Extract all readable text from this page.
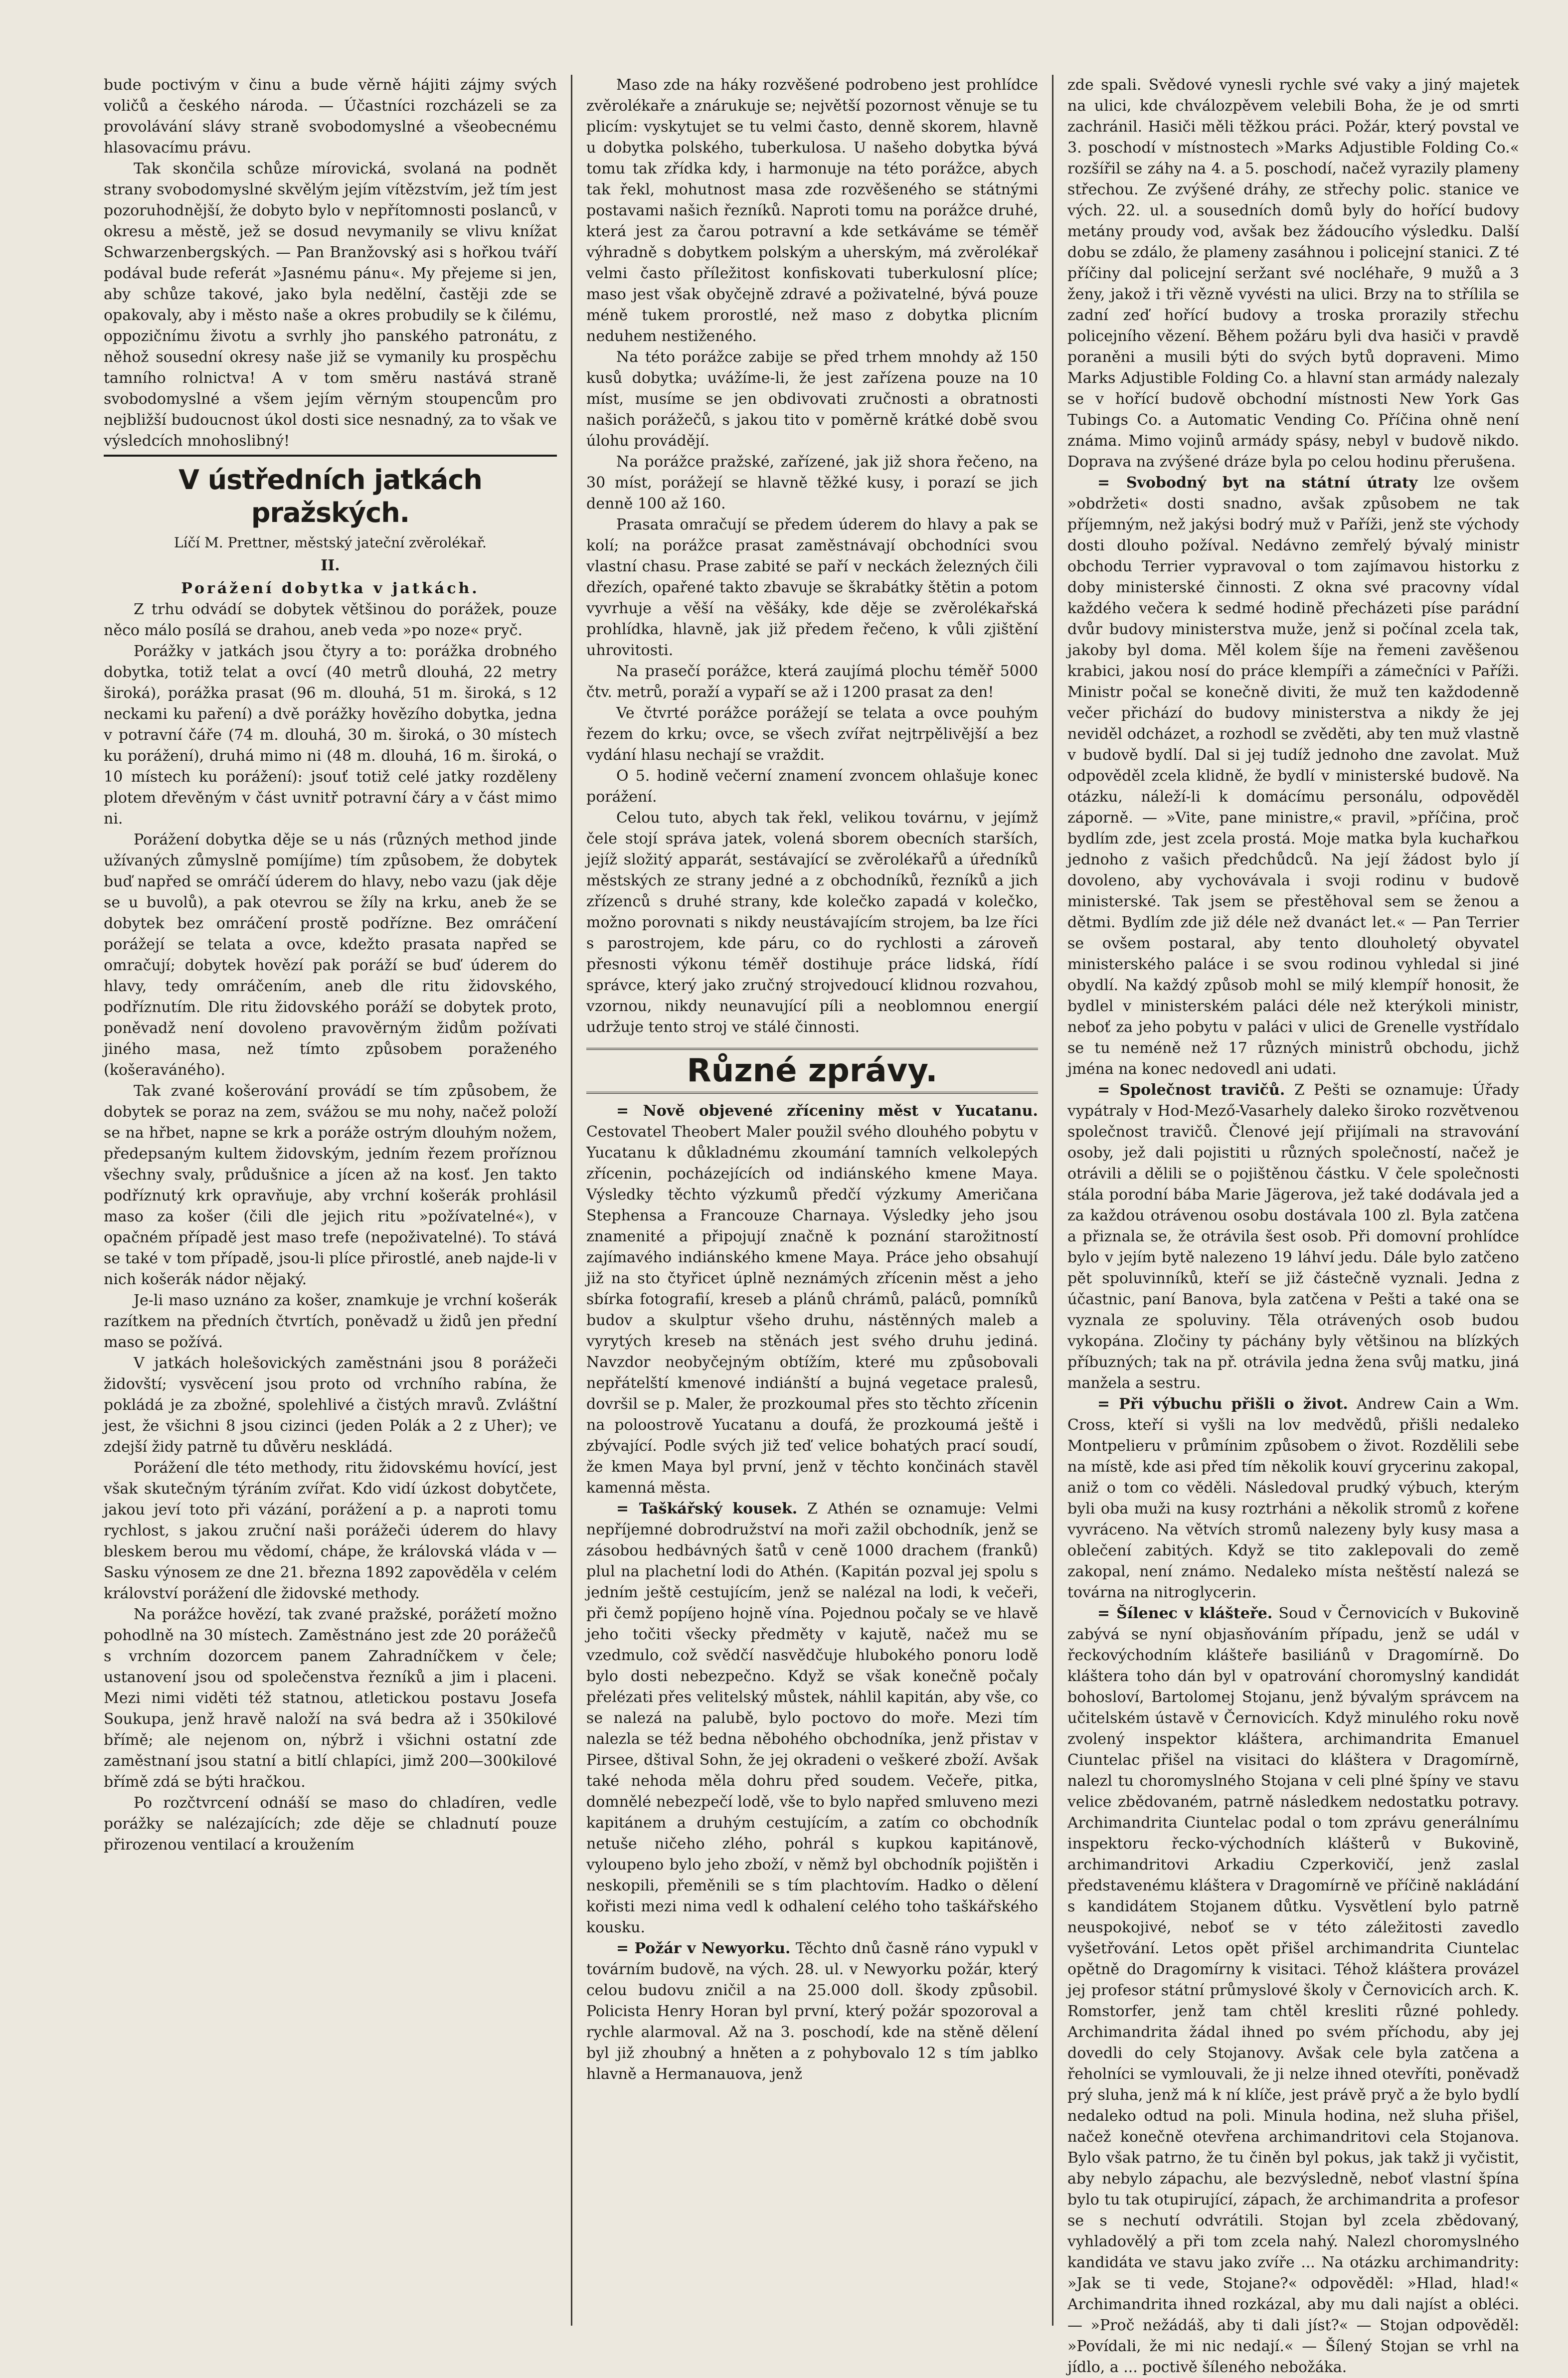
bude poctivým v činu a bude věrně hájiti zájmy svých voličů a českého národa. — Účastníci rozcházeli se za provolávání slávy straně svobodomyslné a všeobecnému hlasovacímu právu.

Tak skončila schůze mírovická, svolaná na podnět strany svobodomyslné skvělým jejím vítězstvím, jež tím jest pozoruhodnější, že dobyto bylo v nepřítomnosti poslanců, v okresu a městě, jež se dosud nevymanily se vlivu knížat Schwarzenbergských. — Pan Branžovský asi s hořkou tváří podával bude referát »Jasnému pánu«. My přejeme si jen, aby schůze takové, jako byla nedělní, častěji zde se opakovaly, aby i město naše a okres probudily se k čilému, oppozičnímu životu a svrhly jho panského patronátu, z něhož sousední okresy naše již se vymanily ku prospěchu tamního rolnictva! A v tom směru nastává straně svobodomyslné a všem jejím věrným stoupencům pro nejbližší budoucnost úkol dosti sice nesnadný, za to však ve výsledcích mnohoslibný!

V ústředních jatkách pražských.
Líčí M. Prettner, městský jateční zvěrolékař.
II.
Porážení dobytka v jatkách.

Z trhu odvádí se dobytek většinou do porážek, pouze něco málo posílá se drahou, aneb veda »po noze« pryč.

Porážky v jatkách jsou čtyry a to: porážka drobného dobytka, totiž telat a ovcí (40 metrů dlouhá, 22 metry široká), porážka prasat (96 m. dlouhá, 51 m. široká, s 12 neckami ku paření) a dvě porážky hovězího dobytka, jedna v potravní čáře (74 m. dlouhá, 30 m. široká, o 30 místech ku porážení), druhá mimo ni (48 m. dlouhá, 16 m. široká, o 10 místech ku porážení): jsouť totiž celé jatky rozděleny plotem dřevěným v část uvnitř potravní čáry a v část mimo ni.

Porážení dobytka děje se u nás (různých method jinde užívaných zůmyslně pomíjíme) tím způsobem, že dobytek buď napřed se omráčí úderem do hlavy, nebo vazu (jak děje se u buvolů), a pak otevrou se žíly na krku, aneb že se dobytek bez omráčení prostě podřízne. Bez omráčení porážejí se telata a ovce, kdežto prasata napřed se omračují; dobytek hovězí pak poráží se buď úderem do hlavy, tedy omráčením, aneb dle ritu židovského, podříznutím. Dle ritu židovského poráží se dobytek proto, poněvadž není dovoleno pravověrným židům požívati jiného masa, než tímto způsobem poraženého (košeraváného).

Tak zvané košerování provádí se tím způsobem, že dobytek se poraz na zem, svážou se mu nohy, načež položí se na hřbet, napne se krk a poráže ostrým dlouhým nožem, předepsaným kultem židovským, jedním řezem proříznou všechny svaly, průdušnice a jícen až na kosť. Jen takto podříznutý krk opravňuje, aby vrchní košerák prohlásil maso za košer (čili dle jejich ritu »požívatelné«), v opačném případě jest maso trefe (nepoživatelné). To stává se také v tom případě, jsou-li plíce přirostlé, aneb najde-li v nich košerák nádor nějaký.

Je-li maso uznáno za košer, znamkuje je vrchní košerák razítkem na předních čtvrtích, poněvadž u židů jen přední maso se požívá.

V jatkách holešovických zaměstnáni jsou 8 porážeči židovští; vysvěcení jsou proto od vrchního rabína, že pokládá je za zbožné, spolehlivé a čistých mravů. Zvláštní jest, že všichni 8 jsou cizinci (jeden Polák a 2 z Uher); ve zdejší židy patrně tu důvěru neskládá.

Porážení dle této methody, ritu židovskému hovící, jest však skutečným týráním zvířat. Kdo vidí úzkost dobytčete, jakou jeví toto při vázání, porážení a p. a naproti tomu rychlost, s jakou zruční naši porážeči úderem do hlavy bleskem berou mu vědomí, chápe, že královská vláda v — Sasku výnosem ze dne 21. března 1892 zapověděla v celém království porážení dle židovské methody.

Na porážce hovězí, tak zvané pražské, porážetí možno pohodlně na 30 místech. Zaměstnáno jest zde 20 porážečů s vrchním dozorcem panem Zahradníčkem v čele; ustanovení jsou od společenstva řezníků a jim i placeni. Mezi nimi viděti též statnou, atletickou postavu Josefa Soukupa, jenž hravě naloží na svá bedra až i 350kilové břímě; ale nejenom on, nýbrž i všichni ostatní zde zaměstnaní jsou statní a bitlí chlapíci, jimž 200—300kilové břímě zdá se býti hračkou.

Po rozčtvrcení odnáší se maso do chladíren, vedle porážky se nalézajících; zde děje se chladnutí pouze přirozenou ventilací a kroužením

Maso zde na háky rozvěšené podrobeno jest prohlídce zvěrolékaře a znárukuje se; největší pozornost věnuje se tu plicím: vyskytujet se tu velmi často, denně skorem, hlavně u dobytka polského, tuberkulosa. U našeho dobytka bývá tomu tak zřídka kdy, i harmonuje na této porážce, abych tak řekl, mohutnost masa zde rozvěšeného se státnými postavami našich řezníků. Naproti tomu na porážce druhé, která jest za čarou potravní a kde setkáváme se téměř výhradně s dobytkem polským a uherským, má zvěrolékař velmi často příležitost konfiskovati tuberkulosní plíce; maso jest však obyčejně zdravé a poživatelné, bývá pouze méně tukem prorostlé, než maso z dobytka plicním neduhem nestiženého.

Na této porážce zabije se před trhem mnohdy až 150 kusů dobytka; uvážíme-li, že jest zařízena pouze na 10 míst, musíme se jen obdivovati zručnosti a obratnosti našich porážečů, s jakou tito v poměrně krátké době svou úlohu provádějí.

Na porážce pražské, zařízené, jak již shora řečeno, na 30 míst, porážejí se hlavně těžké kusy, i porazí se jich denně 100 až 160.

Prasata omračují se předem úderem do hlavy a pak se kolí; na porážce prasat zaměstnávají obchodníci svou vlastní chasu. Prase zabité se paří v neckách železných čili dřezích, opařené takto zbavuje se škrabátky štětin a potom vyvrhuje a věší na věšáky, kde děje se zvěrolékařská prohlídka, hlavně, jak již předem řečeno, k vůli zjištění uhrovitosti.

Na prasečí porážce, která zaujímá plochu téměř 5000 čtv. metrů, poraží a vypaří se až i 1200 prasat za den!

Ve čtvrté porážce porážejí se telata a ovce pouhým řezem do krku; ovce, se všech zvířat nejtrpělivější a bez vydání hlasu nechají se vraždit.

O 5. hodině večerní znamení zvoncem ohlašuje konec porážení.

Celou tuto, abych tak řekl, velikou továrnu, v jejímž čele stojí správa jatek, volená sborem obecních starších, jejíž složitý apparát, sestávající se zvěrolékařů a úředníků městských ze strany jedné a z obchodníků, řezníků a jich zřízenců s druhé strany, kde kolečko zapadá v kolečko, možno porovnati s nikdy neustávajícím strojem, ba lze říci s parostrojem, kde páru, co do rychlosti a zároveň přesnosti výkonu téměř dostihuje práce lidská, řídí správce, který jako zručný strojvedoucí klidnou rozvahou, vzornou, nikdy neunavující píli a neoblomnou energií udržuje tento stroj ve stálé činnosti.

Různé zprávy.

= Nově objevené zříceniny měst v Yucatanu. Cestovatel Theobert Maler použil svého dlouhého pobytu v Yucatanu k důkladnému zkoumání tamních velkolepých zřícenin, pocházejících od indiánského kmene Maya. Výsledky těchto výzkumů předčí výzkumy Američana Stephensa a Francouze Charnaya. Výsledky jeho jsou znamenité a připojují značně k poznání starožitností zajímavého indiánského kmene Maya. Práce jeho obsahují již na sto čtyřicet úplně neznámých zřícenin měst a jeho sbírka fotografií, kreseb a plánů chrámů, paláců, pomníků budov a skulptur všeho druhu, nástěnných maleb a vyrytých kreseb na stěnách jest svého druhu jediná. Navzdor neobyčejným obtížím, které mu způsobovali nepřátelští kmenové indiánští a bujná vegetace pralesů, dovršil se p. Maler, že prozkoumal přes sto těchto zřícenin na poloostrově Yucatanu a doufá, že prozkoumá ještě i zbývající. Podle svých již teď velice bohatých prací soudí, že kmen Maya byl první, jenž v těchto končinách stavěl kamenná města.

= Taškářský kousek. Z Athén se oznamuje: Velmi nepříjemné dobrodružství na moři zažil obchodník, jenž se zásobou hedbávných šatů v ceně 1000 drachem (franků) plul na plachetní lodi do Athén. (Kapitán pozval jej spolu s jedním ještě cestujícím, jenž se nalézal na lodi, k večeři, při čemž popíjeno hojně vína. Pojednou počaly se ve hlavě jeho točiti všecky předměty v kajutě, načež mu se vzedmulo, což svědčí nasvědčuje hlubokého ponoru lodě bylo dosti nebezpečno. Když se však konečně počaly přelézati přes velitelský můstek, náhlil kapitán, aby vše, co se nalezá na palubě, bylo poctovo do moře. Mezi tím nalezla se též bedna něbohého obchodníka, jenž přistav v Pirsee, dštival Sohn, že jej okradeni o veškeré zboží. Avšak také nehoda měla dohru před soudem. Večeře, pitka, domnělé nebezpečí lodě, vše to bylo napřed smluveno mezi kapitánem a druhým cestujícím, a zatím co obchodník netuše ničeho zlého, pohrál s kupkou kapitánově, vyloupeno bylo jeho zboží, v němž byl obchodník pojištěn i neskopili, přeměnili se s tím plachtovím. Hadko o dělení kořisti mezi nima vedl k odhalení celého toho taškářského kousku.

= Požár v Newyorku. Těchto dnů časně ráno vypukl v továrním budově, na vých. 28. ul. v Newyorku požár, který celou budovu zničil a na 25.000 doll. škody způsobil. Policista Henry Horan byl první, který požár spozoroval a rychle alarmoval. Až na 3. poschodí, kde na stěně dělení byl již zhoubný a hněten a z pohybovalo 12 s tím jablko hlavně a Hermanauova, jenž

zde spali. Svědové vynesli rychle své vaky a jiný majetek na ulici, kde chválozpěvem velebili Boha, že je od smrti zachránil. Hasiči měli těžkou práci. Požár, který povstal ve 3. poschodí v místnostech »Marks Adjustible Folding Co.« rozšířil se záhy na 4. a 5. poschodí, načež vyrazily plameny střechou. Ze zvýšené dráhy, ze střechy polic. stanice ve vých. 22. ul. a sousedních domů byly do hořící budovy metány proudy vod, avšak bez žádoucího výsledku. Další dobu se zdálo, že plameny zasáhnou i policejní stanici. Z té příčiny dal policejní seržant své nocléhaře, 9 mužů a 3 ženy, jakož i tři vězně vyvésti na ulici. Brzy na to střílila se zadní zeď hořící budovy a troska prorazily střechu policejního vězení. Během požáru byli dva hasiči v pravdě poraněni a musili býti do svých bytů dopraveni. Mimo Marks Adjustible Folding Co. a hlavní stan armády nalezaly se v hořící budově obchodní místnosti New York Gas Tubings Co. a Automatic Vending Co. Příčina ohně není známa. Mimo vojinů armády spásy, nebyl v budově nikdo. Doprava na zvýšené dráze byla po celou hodinu přerušena.

= Svobodný byt na státní útraty lze ovšem »obdržeti« dosti snadno, avšak způsobem ne tak příjemným, než jakýsi bodrý muž v Paříži, jenž ste východy dosti dlouho požíval. Nedávno zemřelý bývalý ministr obchodu Terrier vypravoval o tom zajímavou historku z doby ministerské činnosti. Z okna své pracovny vídal každého večera k sedmé hodině přecházeti píse parádní dvůr budovy ministerstva muže, jenž si počínal zcela tak, jakoby byl doma. Měl kolem šíje na řemeni zavěšenou krabici, jakou nosí do práce klempíři a zámečníci v Paříži. Ministr počal se konečně diviti, že muž ten každodenně večer přichází do budovy ministerstva a nikdy že jej neviděl odcházet, a rozhodl se zvěděti, aby ten muž vlastně v budově bydlí. Dal si jej tudíž jednoho dne zavolat. Muž odpověděl zcela klidně, že bydlí v ministerské budově. Na otázku, náleží-li k domácímu personálu, odpověděl záporně. — »Vite, pane ministre,« pravil, »příčina, proč bydlím zde, jest zcela prostá. Moje matka byla kuchařkou jednoho z vašich předchůdců. Na její žádost bylo jí dovoleno, aby vychovávala i svoji rodinu v budově ministerské. Tak jsem se přestěhoval sem se ženou a dětmi. Bydlím zde již déle než dvanáct let.« — Pan Terrier se ovšem postaral, aby tento dlouholetý obyvatel ministerského paláce i se svou rodinou vyhledal si jiné obydlí. Na každý způsob mohl se milý klempíř honosit, že bydlel v ministerském paláci déle než kterýkoli ministr, neboť za jeho pobytu v paláci v ulici de Grenelle vystřídalo se tu neméně než 17 různých ministrů obchodu, jichž jména na konec nedovedl ani udati.

= Společnost travičů. Z Pešti se oznamuje: Úřady vypátraly v Hod-Mező-Vasarhely daleko široko rozvětvenou společnost travičů. Členové její přijímali na stravování osoby, jež dali pojistiti u různých společností, načež je otrávili a dělili se o pojištěnou částku. V čele společnosti stála porodní bába Marie Jägerova, jež také dodávala jed a za každou otrávenou osobu dostávala 100 zl. Byla zatčena a přiznala se, že otrávila šest osob. Při domovní prohlídce bylo v jejím bytě nalezeno 19 láhví jedu. Dále bylo zatčeno pět spoluvinníků, kteří se již částečně vyznali. Jedna z účastnic, paní Banova, byla zatčena v Pešti a také ona se vyznala ze spoluviny. Těla otrávených osob budou vykopána. Zločiny ty páchány byly většinou na blízkých příbuzných; tak na př. otrávila jedna žena svůj matku, jiná manžela a sestru.

= Při výbuchu přišli o život. Andrew Cain a Wm. Cross, kteří si vyšli na lov medvědů, přišli nedaleko Montpelieru v průmínim způsobem o život. Rozdělili sebe na místě, kde asi před tím několik kouví grycerinu zakopal, aniž o tom co věděli. Následoval prudký výbuch, kterým byli oba muži na kusy roztrháni a několik stromů z kořene vyvráceno. Na větvích stromů nalezeny byly kusy masa a oblečení zabitých. Když se tito zaklepovali do země zakopal, není známo. Nedaleko místa neštěstí nalezá se továrna na nitroglycerin.

= Šílenec v klášteře. Soud v Černovicích v Bukovině zabývá se nyní objasňováním případu, jenž se udál v řeckovýchodním klášteře basiliánů v Dragomírně. Do kláštera toho dán byl v opatrování choromyslný kandidát bohosloví, Bartolomej Stojanu, jenž bývalým správcem na učitelském ústavě v Černovicích. Když minulého roku nově zvolený inspektor kláštera, archimandrita Emanuel Ciuntelac přišel na visitaci do kláštera v Dragomírně, nalezl tu choromyslného Stojana v celi plné špíny ve stavu velice zbědovaném, patrně následkem nedostatku potravy. Archimandrita Ciuntelac podal o tom zprávu generálnímu inspektoru řecko-východních klášterů v Bukovině, archimandritovi Arkadiu Czperkovičí, jenž zaslal představenému kláštera v Dragomírně ve příčině nakládání s kandidátem Stojanem důtku. Vysvětlení bylo patrně neuspokojivé, neboť se v této záležitosti zavedlo vyšetřování. Letos opět přišel archimandrita Ciuntelac opětně do Dragomírny k visitaci. Téhož kláštera provázel jej profesor státní průmyslové školy v Černovicích arch. K. Romstorfer, jenž tam chtěl kresliti různé pohledy. Archimandrita žádal ihned po svém příchodu, aby jej dovedli do cely Stojanovy. Avšak cele byla zatčena a řeholníci se vymlouvali, že ji nelze ihned otevříti, poněvadž prý sluha, jenž má k ní klíče, jest právě pryč a že bylo bydlí nedaleko odtud na poli. Minula hodina, než sluha přišel, načež konečně otevřena archimandritovi cela Stojanova. Bylo však patrno, že tu činěn byl pokus, jak takž ji vyčistit, aby nebylo zápachu, ale bezvýsledně, neboť vlastní špína bylo tu tak otupirující, zápach, že archimandrita a profesor se s nechutí odvrátili. Stojan byl zcela zbědovaný, vyhladovělý a při tom zcela nahý. Nalezl choromyslného kandidáta ve stavu jako zvíře ... Na otázku archimandrity: »Jak se ti vede, Stojane?« odpověděl: »Hlad, hlad!« Archimandrita ihned rozkázal, aby mu dali najíst a obléci. — »Proč nežádáš, aby ti dali jíst?« — Stojan odpověděl: »Povídali, že mi nic nedají.« — Šílený Stojan se vrhl na jídlo, a ... poctivě šíleného nebožáka.
